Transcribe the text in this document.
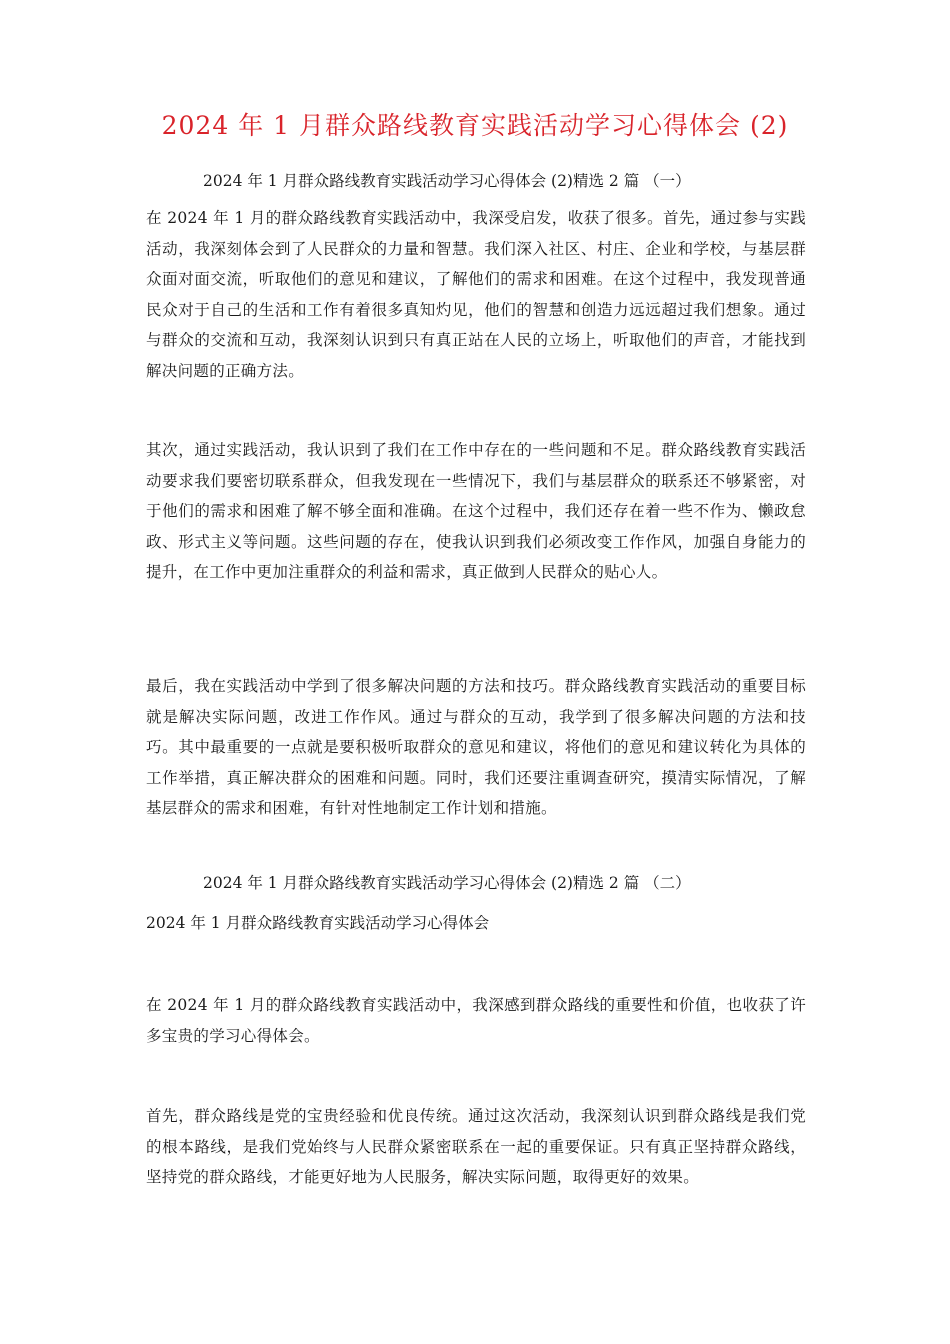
2024 年 1 月群众路线教育实践活动学习心得体会 (2)
2024 年 1 月群众路线教育实践活动学习心得体会 (2)精选 2 篇 （一）
在 2024 年 1 月的群众路线教育实践活动中，我深受启发，收获了很多。首先，通过参与实践活动，我深刻体会到了人民群众的力量和智慧。我们深入社区、村庄、企业和学校，与基层群众面对面交流，听取他们的意见和建议，了解他们的需求和困难。在这个过程中，我发现普通民众对于自己的生活和工作有着很多真知灼见，他们的智慧和创造力远远超过我们想象。通过与群众的交流和互动，我深刻认识到只有真正站在人民的立场上，听取他们的声音，才能找到解决问题的正确方法。
其次，通过实践活动，我认识到了我们在工作中存在的一些问题和不足。群众路线教育实践活动要求我们要密切联系群众，但我发现在一些情况下，我们与基层群众的联系还不够紧密，对于他们的需求和困难了解不够全面和准确。在这个过程中，我们还存在着一些不作为、懒政怠政、形式主义等问题。这些问题的存在，使我认识到我们必须改变工作作风，加强自身能力的提升，在工作中更加注重群众的利益和需求，真正做到人民群众的贴心人。
最后，我在实践活动中学到了很多解决问题的方法和技巧。群众路线教育实践活动的重要目标就是解决实际问题，改进工作作风。通过与群众的互动，我学到了很多解决问题的方法和技巧。其中最重要的一点就是要积极听取群众的意见和建议，将他们的意见和建议转化为具体的工作举措，真正解决群众的困难和问题。同时，我们还要注重调查研究，摸清实际情况，了解基层群众的需求和困难，有针对性地制定工作计划和措施。
2024 年 1 月群众路线教育实践活动学习心得体会 (2)精选 2 篇 （二）
2024 年 1 月群众路线教育实践活动学习心得体会
在 2024 年 1 月的群众路线教育实践活动中，我深感到群众路线的重要性和价值，也收获了许多宝贵的学习心得体会。
首先，群众路线是党的宝贵经验和优良传统。通过这次活动，我深刻认识到群众路线是我们党的根本路线，是我们党始终与人民群众紧密联系在一起的重要保证。只有真正坚持群众路线，坚持党的群众路线，才能更好地为人民服务，解决实际问题，取得更好的效果。
